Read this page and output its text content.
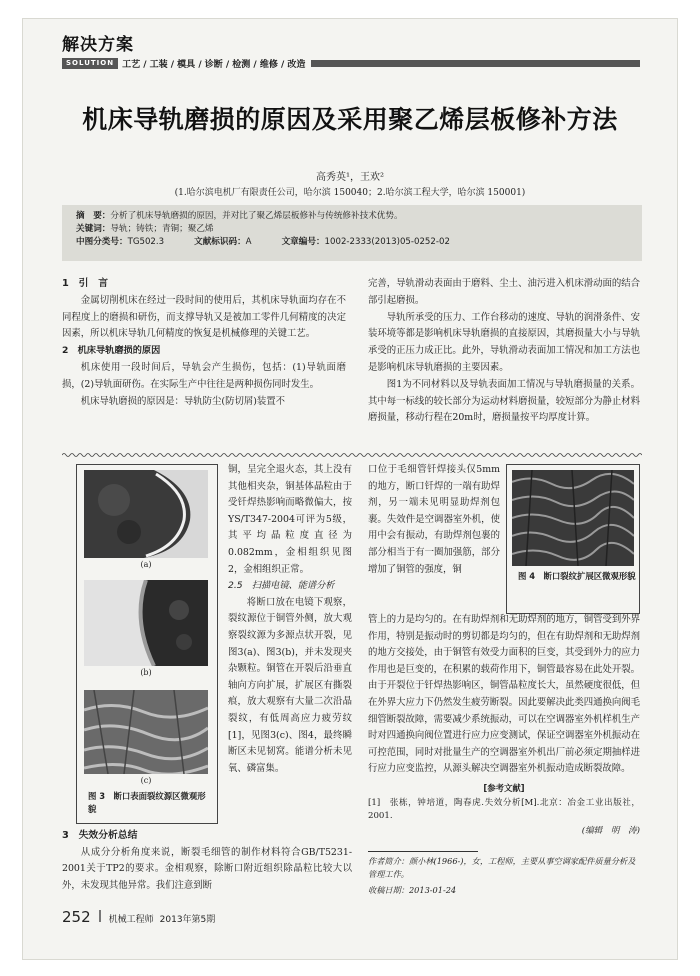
解决方案
SOLUTION 工艺 / 工装 / 模具 / 诊断 / 检测 / 维修 / 改造
机床导轨磨损的原因及采用聚乙烯层板修补方法
高秀英¹，王欢²
(1.哈尔滨电机厂有限责任公司，哈尔滨 150040；2.哈尔滨工程大学，哈尔滨 150001)
摘　要：分析了机床导轨磨损的原因，并对比了聚乙烯层板修补与传统修补技术优势。
关键词：导轨；铸铁；青铜；聚乙烯
中图分类号：TG502.3	文献标识码：A	文章编号：1002-2333(2013)05-0252-02
1　引　言

金属切削机床在经过一段时间的使用后，其机床导轨面均存在不同程度上的磨损和研伤，而支撑导轨又是被加工零件几何精度的决定因素，所以机床导轨几何精度的恢复是机械修理的关键工艺。

2　机床导轨磨损的原因

机床使用一段时间后，导轨会产生损伤，包括：(1)导轨面磨损，(2)导轨面研伤。在实际生产中往往是两种损伤同时发生。

机床导轨磨损的原因是：导轨防尘(防切屑)装置不

完善，导轨滑动表面由于磨料、尘土、油污进入机床滑动面的结合部引起磨损。

导轨所承受的压力、工作台移动的速度、导轨的润滑条件、安装环境等都是影响机床导轨磨损的直接原因，其磨损量大小与导轨承受的正压力成正比。此外，导轨滑动表面加工情况和加工方法也是影响机床导轨磨损的主要因素。

图1为不同材料以及导轨表面加工情况与导轨磨损量的关系。其中每一标线的较长部分为运动材料磨损量，较短部分为静止材料磨损量，移动行程在20m时，磨损量按平均厚度计算。

(a)
(b)
(c)
图 3　 断口表面裂纹源区微观形貌

铜，呈完全退火态，其上没有其他相夹杂，铜基体晶粒由于受钎焊热影响而略微偏大，按YS/T347-2004可评为5级，其平均晶粒度直径为0.082mm，金相组织见图2，金相组织正常。

2.5　扫描电镜、能谱分析

将断口放在电镜下观察，裂纹源位于铜管外侧，放大观察裂纹源为多源点状开裂，见图3(a)、图3(b)，并未发现夹杂颗粒。铜管在开裂后沿垂直轴向方向扩展，扩展区有撕裂痕，放大观察有大量二次沿晶裂纹，有低周高应力疲劳纹[1]，见图3(c)、图4，最终瞬断区未见韧窝。能谱分析未见氧、磷富集。

3　失效分析总结

从成分分析角度来说，断裂毛细管的制作材料符合GB/T5231-2001关于TP2的要求。金相观察，除断口附近组织除晶粒比较大以外，未发现其他异常。我们注意到断

图 4　 断口裂纹扩展区微观形貌

口位于毛细管钎焊接头仅5mm的地方，断口钎焊的一端有助焊剂，另一端未见明显助焊剂包裹。失效件是空调器室外机，使用中会有振动，有助焊剂包裹的部分相当于有一圈加强筋，部分增加了铜管的强度，铜

管上的力是均匀的。在有助焊剂和无助焊剂的地方，铜管受到外界作用，特别是振动时的剪切都是均匀的，但在有助焊剂和无助焊剂的地方交接处，由于铜管有效受力面积的巨变，其受到外力的应力作用也是巨变的，在积累的载荷作用下，铜管最容易在此处开裂。由于开裂位于钎焊热影响区，铜管晶粒度长大，虽然硬度很低，但在外界大应力下仍然发生疲劳断裂。因此要解决此类四通换向阀毛细管断裂故障，需要减少系统振动，可以在空调器室外机样机生产时对四通换向阀位置进行应力应变测试，保证空调器室外机振动在可控范围，同时对批量生产的空调器室外机出厂前必须定期抽样进行应力应变监控，从源头解决空调器室外机振动造成断裂故障。

[参考文献]
[1]　张栋，钟培道，陶春虎.失效分析[M].北京：冶金工业出版社，2001.
(编辑　明　涛)
作者简介：颜小林(1966-)，女，工程师，主要从事空调家配件质量分析及管理工作。
收稿日期：2013-01-24
252 机械工程师 2013年第5期
